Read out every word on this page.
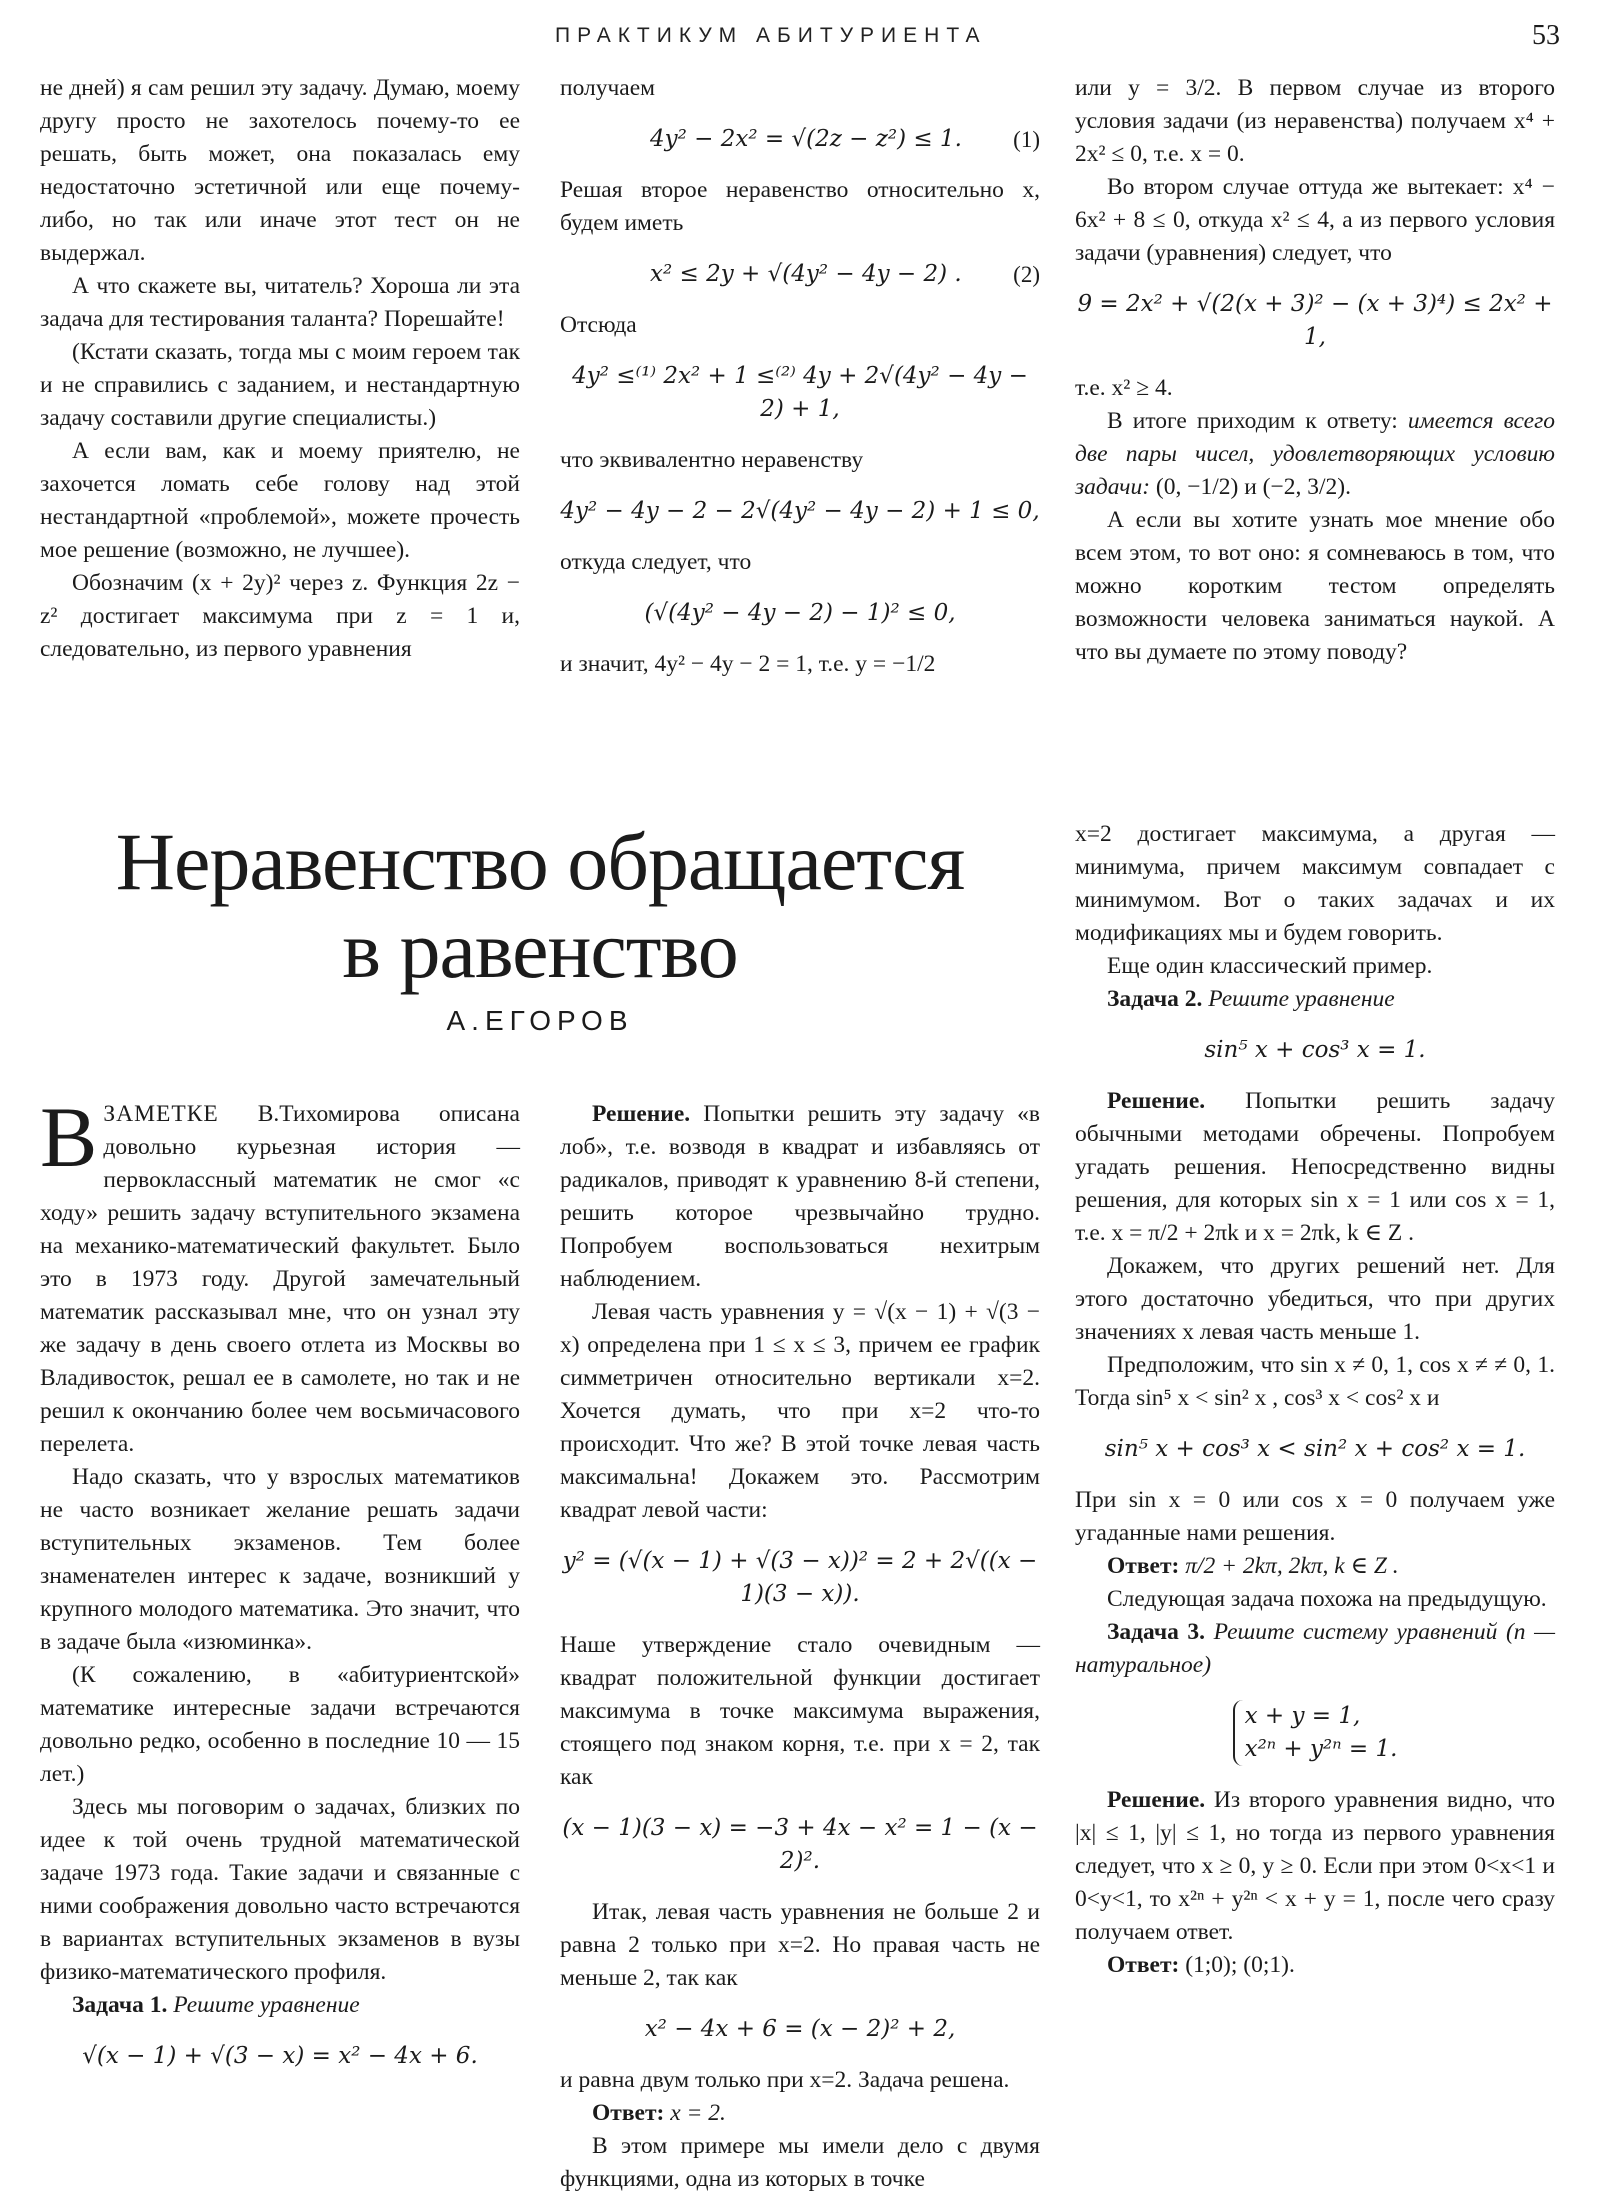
ПРАКТИКУМ АБИТУРИЕНТА	53

не дней) я сам решил эту задачу. Думаю, моему другу просто не захотелось почему-то ее решать, быть может, она показалась ему недостаточно эстетичной или еще почему-либо, но так или иначе этот тест он не выдержал.

А что скажете вы, читатель? Хороша ли эта задача для тестирования таланта? Порешайте!

(Кстати сказать, тогда мы с моим героем так и не справились с заданием, и нестандартную задачу составили другие специалисты.)

А если вам, как и моему приятелю, не захочется ломать себе голову над этой нестандартной «проблемой», можете прочесть мое решение (возможно, не лучшее).

Обозначим (x + 2y)² через z. Функция 2z − z² достигает максимума при z = 1 и, следовательно, из первого уравнения

получаем

4y² − 2x² = √(2z − z²) ≤ 1. (1)

Решая второе неравенство относительно x, будем иметь

x² ≤ 2y + √(4y² − 4y − 2) . (2)

Отсюда

4y² ≤⁽¹⁾ 2x² + 1 ≤⁽²⁾ 4y + 2√(4y² − 4y − 2) + 1,

что эквивалентно неравенству

4y² − 4y − 2 − 2√(4y² − 4y − 2) + 1 ≤ 0,

откуда следует, что

(√(4y² − 4y − 2) − 1)² ≤ 0,

и значит, 4y² − 4y − 2 = 1, т.е. y = −1/2

или y = 3/2. В первом случае из второго условия задачи (из неравенства) получаем x⁴ + 2x² ≤ 0, т.е. x = 0.

Во втором случае оттуда же вытекает: x⁴ − 6x² + 8 ≤ 0, откуда x² ≤ 4, а из первого условия задачи (уравнения) следует, что

9 = 2x² + √(2(x + 3)² − (x + 3)⁴) ≤ 2x² + 1,

т.е. x² ≥ 4.

В итоге приходим к ответу: имеется всего две пары чисел, удовлетворяющих условию задачи: (0, −1/2) и (−2, 3/2).

А если вы хотите узнать мое мнение обо всем этом, то вот оно: я сомневаюсь в том, что можно коротким тестом определять возможности человека заниматься наукой. А что вы думаете по этому поводу?

Неравенство обращается
в равенство
А.ЕГОРОВ

В ЗАМЕТКЕ В.Тихомирова описана довольно курьезная история — первоклассный математик не смог «с ходу» решить задачу вступительного экзамена на механико-математический факультет. Было это в 1973 году. Другой замечательный математик рассказывал мне, что он узнал эту же задачу в день своего отлета из Москвы во Владивосток, решал ее в самолете, но так и не решил к окончанию более чем восьмичасового перелета.

Надо сказать, что у взрослых математиков не часто возникает желание решать задачи вступительных экзаменов. Тем более знаменателен интерес к задаче, возникший у крупного молодого математика. Это значит, что в задаче была «изюминка».

(К сожалению, в «абитуриентской» математике интересные задачи встречаются довольно редко, особенно в последние 10 — 15 лет.)

Здесь мы поговорим о задачах, близких по идее к той очень трудной математической задаче 1973 года. Такие задачи и связанные с ними соображения довольно часто встречаются в вариантах вступительных экзаменов в вузы физико-математического профиля.

Задача 1. Решите уравнение

√(x − 1) + √(3 − x) = x² − 4x + 6.

Решение. Попытки решить эту задачу «в лоб», т.е. возводя в квадрат и избавляясь от радикалов, приводят к уравнению 8-й степени, решить которое чрезвычайно трудно. Попробуем воспользоваться нехитрым наблюдением.

Левая часть уравнения y = √(x − 1) + √(3 − x) определена при 1 ≤ x ≤ 3, причем ее график симметричен относительно вертикали x=2. Хочется думать, что при x=2 что-то происходит. Что же? В этой точке левая часть максимальна! Докажем это. Рассмотрим квадрат левой части:

y² = (√(x − 1) + √(3 − x))² = 2 + 2√((x − 1)(3 − x)).

Наше утверждение стало очевидным — квадрат положительной функции достигает максимума в точке максимума выражения, стоящего под знаком корня, т.е. при x = 2, так как

(x − 1)(3 − x) = −3 + 4x − x² = 1 − (x − 2)².

Итак, левая часть уравнения не больше 2 и равна 2 только при x=2. Но правая часть не меньше 2, так как

x² − 4x + 6 = (x − 2)² + 2,

и равна двум только при x=2. Задача решена.

Ответ: x = 2.

В этом примере мы имели дело с двумя функциями, одна из которых в точке

x=2 достигает максимума, а другая — минимума, причем максимум совпадает с минимумом. Вот о таких задачах и их модификациях мы и будем говорить.

Еще один классический пример.

Задача 2. Решите уравнение

sin⁵ x + cos³ x = 1.

Решение. Попытки решить задачу обычными методами обречены. Попробуем угадать решения. Непосредственно видны решения, для которых sin x = 1 или cos x = 1, т.е. x = π/2 + 2πk и x = 2πk, k ∈ Z .

Докажем, что других решений нет. Для этого достаточно убедиться, что при других значениях x левая часть меньше 1.

Предположим, что sin x ≠ 0, 1, cos x ≠ ≠ 0, 1. Тогда sin⁵ x < sin² x , cos³ x < cos² x и

sin⁵ x + cos³ x < sin² x + cos² x = 1.

При sin x = 0 или cos x = 0 получаем уже угаданные нами решения.

Ответ: π/2 + 2kπ, 2kπ, k ∈ Z .

Следующая задача похожа на предыдущую.

Задача 3. Решите систему уравнений (n — натуральное)

x + y = 1,
x²ⁿ + y²ⁿ = 1.

Решение. Из второго уравнения видно, что |x| ≤ 1, |y| ≤ 1, но тогда из первого уравнения следует, что x ≥ 0, y ≥ 0. Если при этом 0<x<1 и 0<y<1, то x²ⁿ + y²ⁿ < x + y = 1, после чего сразу получаем ответ.

Ответ: (1;0); (0;1).
